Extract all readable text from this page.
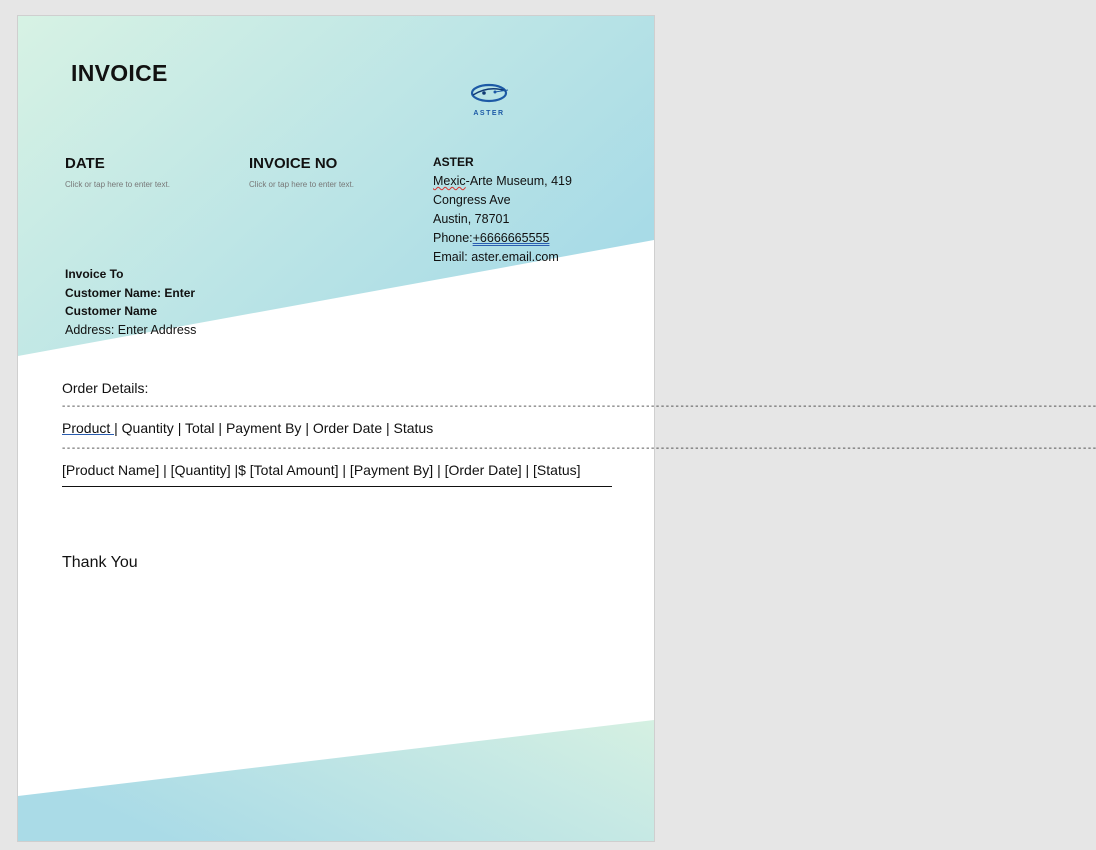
INVOICE
ASTER
DATE
Click or tap here to enter text.
INVOICE NO
Click or tap here to enter text.
ASTER
Mexic-Arte Museum, 419
Congress Ave
Austin, 78701
Phone:+6666665555
Email: aster.email.com
Invoice To
Customer Name: Enter
Customer Name
Address: Enter Address
Order Details:
- - - - - - - - - - - - - - - - - - - - - - - - - - - - - - - - - - - - - - - - - - - - - - - - - - - - - - - - - - - - - - - - - - - - - - - - - - - - - - - - - - - - - - - - - - - - - - - - - - - - - - - - - - - - - - - - - - - - - - - - - - - - - - - - - - - - - - - - - - - - - - - - - - - - - - - - - - - - - - - - - - - - - - - - - - - - - - - - - - - - - - - - - - - - - - - - - - - - - - - - - - - - - - - - - - -
Product | Quantity | Total | Payment By | Order Date | Status
- - - - - - - - - - - - - - - - - - - - - - - - - - - - - - - - - - - - - - - - - - - - - - - - - - - - - - - - - - - - - - - - - - - - - - - - - - - - - - - - - - - - - - - - - - - - - - - - - - - - - - - - - - - - - - - - - - - - - - - - - - - - - - - - - - - - - - - - - - - - - - - - - - - - - - - - - - - - - - - - - - - - - - - - - - - - - - - - - - - - - - - - - - - - - - - - - - - - - - - - - - - - - - - - - - -
[Product Name] | [Quantity] |$ [Total Amount] | [Payment By] | [Order Date] | [Status]
Thank You
